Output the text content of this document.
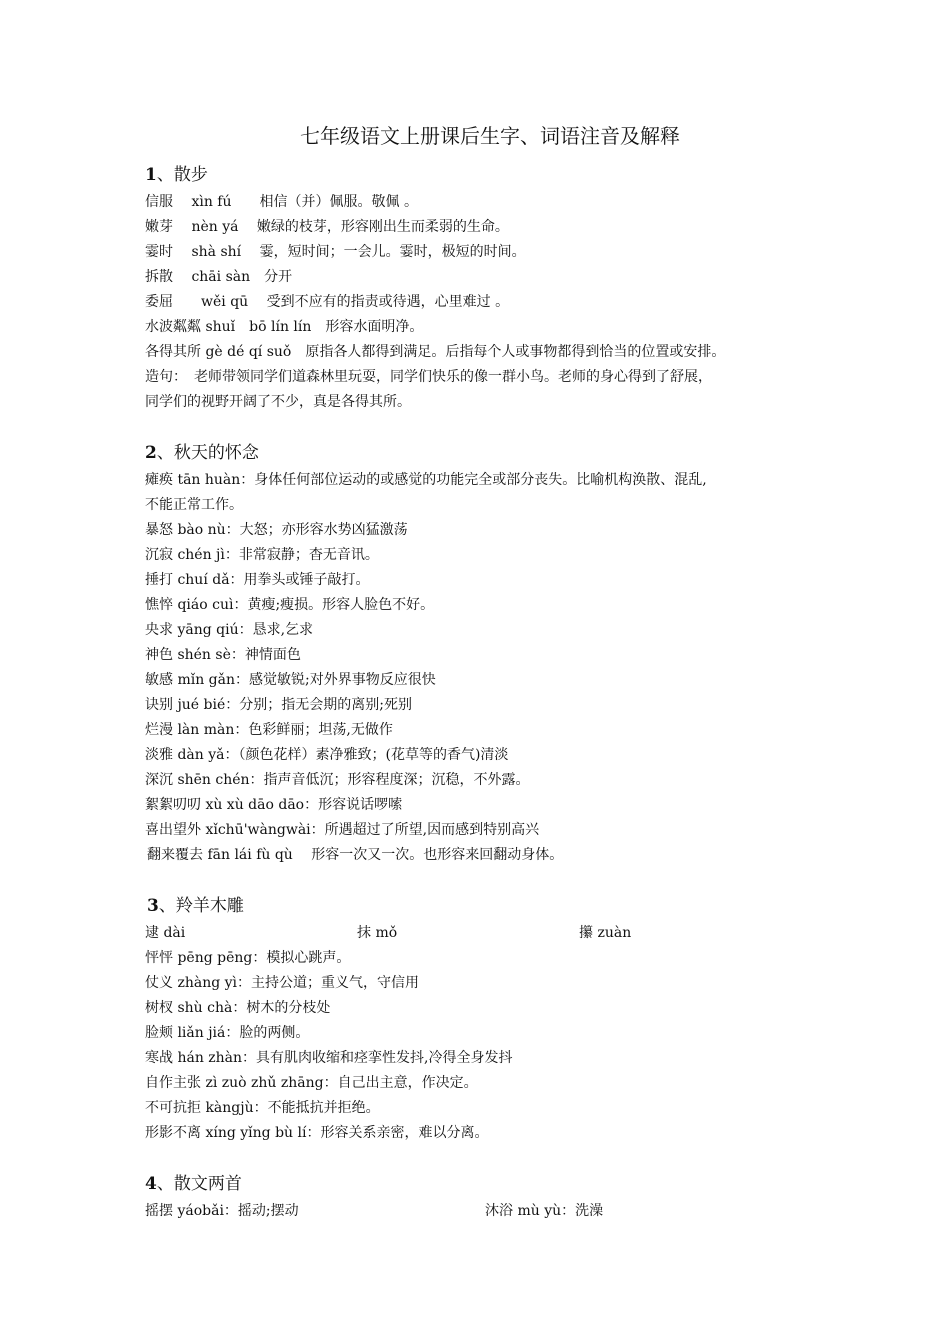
七年级语文上册课后生字、词语注音及解释
1、散步
信服　 xìn fú　　相信（并）佩服。敬佩 。
嫩芽　 nèn yá　 嫩绿的枝芽，形容刚出生而柔弱的生命。
霎时　 shà shí　 霎，短时间；一会儿。霎时，极短的时间。
拆散　 chāi sàn　分开
委屈　　wěi qū　 受到不应有的指责或待遇，心里难过 。
水波粼粼 shuǐ　bō lín lín　形容水面明净。
各得其所 gè dé qí suǒ　原指各人都得到满足。后指每个人或事物都得到恰当的位置或安排。
造句：　老师带领同学们道森林里玩耍，同学们快乐的像一群小鸟。老师的身心得到了舒展，
同学们的视野开阔了不少，真是各得其所。
2、秋天的怀念
瘫痪 tān huàn：身体任何部位运动的或感觉的功能完全或部分丧失。比喻机构涣散、混乱,
不能正常工作。
暴怒 bào nù：大怒；亦形容水势凶猛激荡
沉寂 chén jì：非常寂静；杳无音讯。
捶打 chuí dǎ：用拳头或锤子敲打。
憔悴 qiáo cuì：黄瘦;瘦损。形容人脸色不好。
央求 yāng qiú：恳求,乞求
神色 shén sè：神情面色
敏感 mǐn gǎn：感觉敏锐;对外界事物反应很快
诀别 jué bié：分别；指无会期的离别;死别
烂漫 làn màn：色彩鲜丽；坦荡,无做作
淡雅 dàn yǎ：（颜色花样）素净雅致；(花草等的香气)清淡
深沉 shēn chén：指声音低沉；形容程度深；沉稳，不外露。
絮絮叨叨 xù xù dāo dāo：形容说话啰嗦
喜出望外 xǐchū'wàngwài：所遇超过了所望,因而感到特别高兴
翻来覆去 fān lái fù qù　 形容一次又一次。也形容来回翻动身体。
3、羚羊木雕
逮 dài	抹 mǒ	攥 zuàn
怦怦 pēng pēng：模拟心跳声。
仗义 zhàng yì：主持公道；重义气，守信用
树杈 shù chà：树木的分枝处
脸颊 liǎn jiá：脸的两侧。
寒战 hán zhàn：具有肌肉收缩和痉挛性发抖,冷得全身发抖
自作主张 zì zuò zhǔ zhāng：自己出主意，作决定。
不可抗拒 kàngjù：不能抵抗并拒绝。
形影不离 xíng yǐng bù lí：形容关系亲密，难以分离。
4、散文两首
摇摆 yáobǎi：摇动;摆动	沐浴 mù yù：洗澡
